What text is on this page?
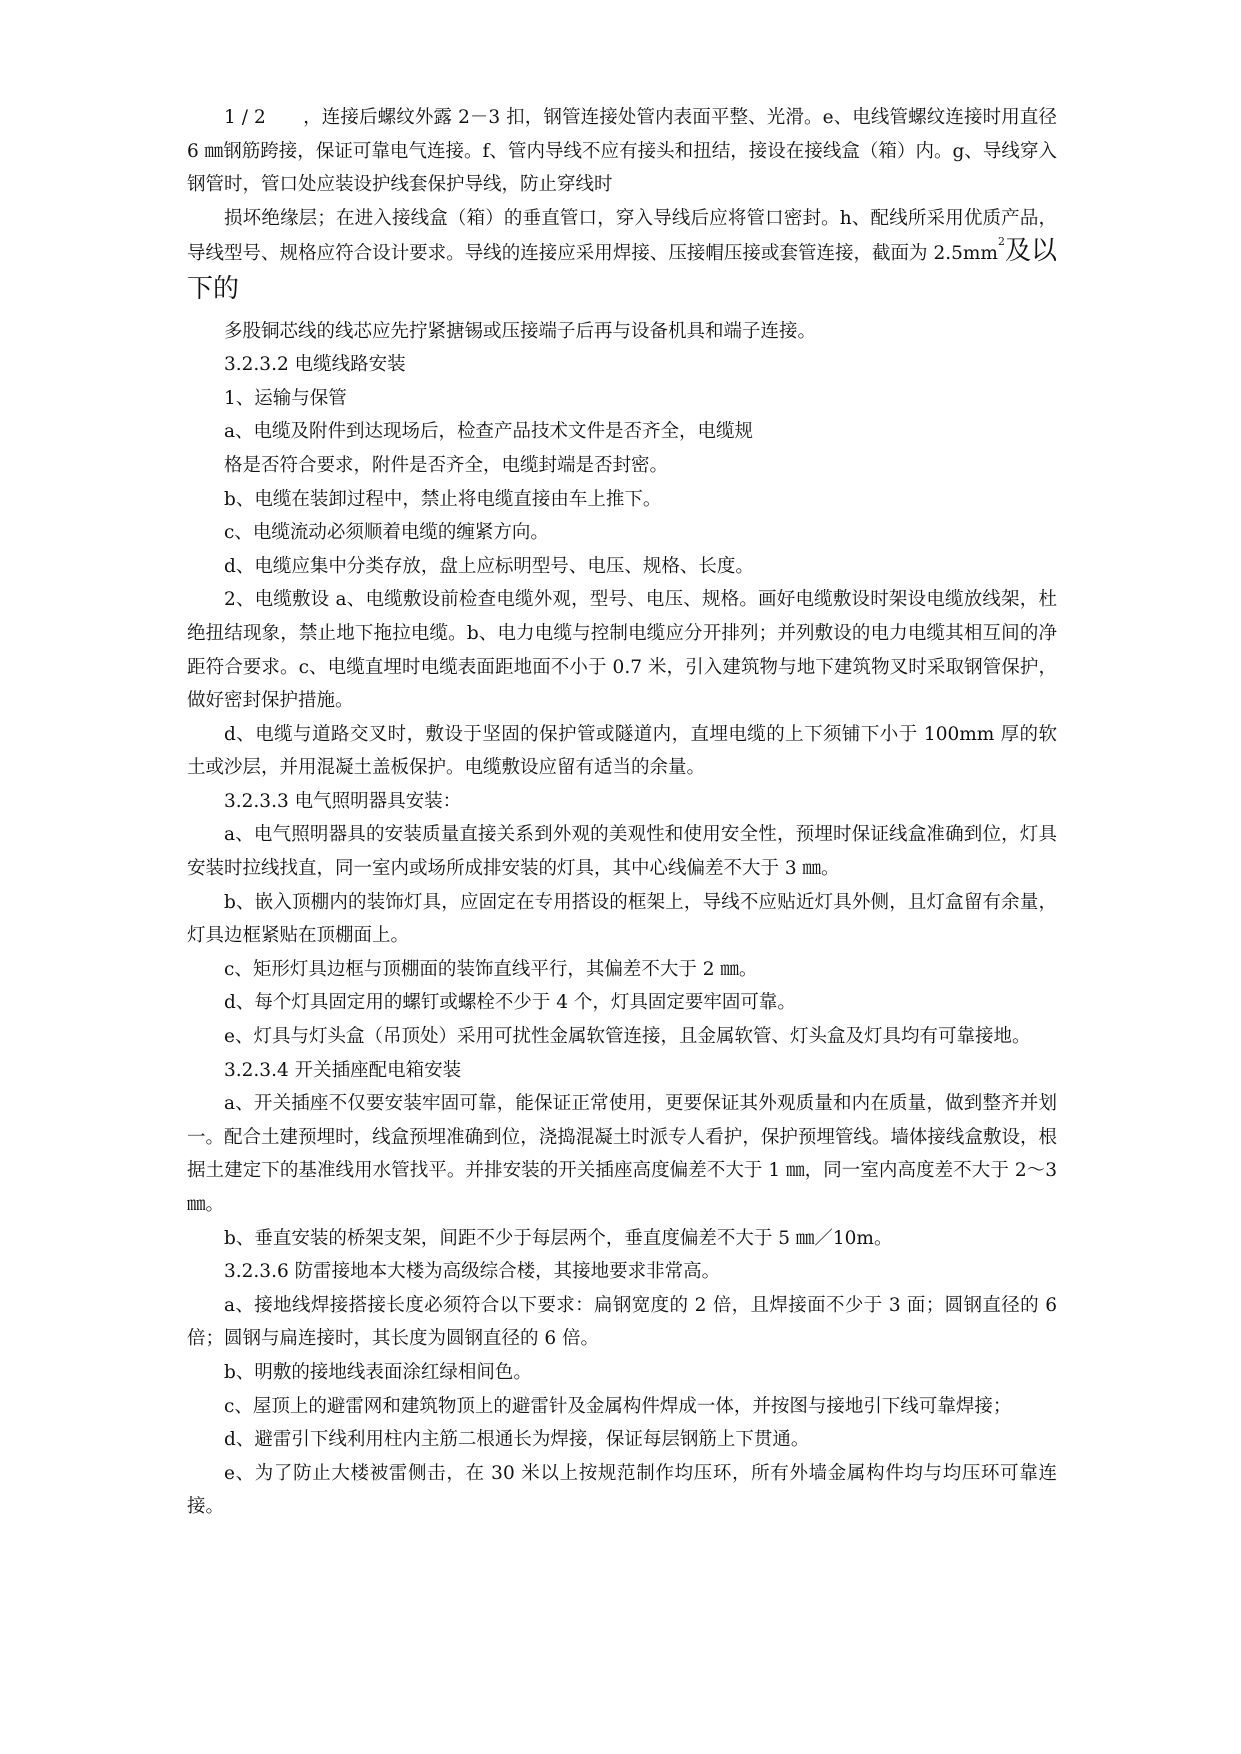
1 / 2　　，连接后螺纹外露 2－3 扣，钢管连接处管内表面平整、光滑。e、电线管螺纹连接时用直径 6 ㎜钢筋跨接，保证可靠电气连接。f、管内导线不应有接头和扭结，接设在接线盒（箱）内。g、导线穿入钢管时，管口处应装设护线套保护导线，防止穿线时

损坏绝缘层；在进入接线盒（箱）的垂直管口，穿入导线后应将管口密封。h、配线所采用优质产品，导线型号、规格应符合设计要求。导线的连接应采用焊接、压接帽压接或套管连接，截面为 $2.5mm^2$及以下的

多股铜芯线的线芯应先拧紧搪锡或压接端子后再与设备机具和端子连接。

3.2.3.2 电缆线路安装

1、运输与保管

a、电缆及附件到达现场后，检查产品技术文件是否齐全，电缆规

格是否符合要求，附件是否齐全，电缆封端是否封密。

b、电缆在装卸过程中，禁止将电缆直接由车上推下。

c、电缆流动必须顺着电缆的缠紧方向。

d、电缆应集中分类存放，盘上应标明型号、电压、规格、长度。

2、电缆敷设 a、电缆敷设前检查电缆外观，型号、电压、规格。画好电缆敷设时架设电缆放线架，杜绝扭结现象，禁止地下拖拉电缆。b、电力电缆与控制电缆应分开排列；并列敷设的电力电缆其相互间的净距符合要求。c、电缆直埋时电缆表面距地面不小于 0.7 米，引入建筑物与地下建筑物叉时采取钢管保护，做好密封保护措施。

d、电缆与道路交叉时，敷设于坚固的保护管或隧道内，直埋电缆的上下须铺下小于 100mm 厚的软土或沙层，并用混凝土盖板保护。电缆敷设应留有适当的余量。

3.2.3.3 电气照明器具安装：

a、电气照明器具的安装质量直接关系到外观的美观性和使用安全性，预埋时保证线盒准确到位，灯具安装时拉线找直，同一室内或场所成排安装的灯具，其中心线偏差不大于 3 ㎜。

b、嵌入顶棚内的装饰灯具，应固定在专用搭设的框架上，导线不应贴近灯具外侧，且灯盒留有余量，灯具边框紧贴在顶棚面上。

c、矩形灯具边框与顶棚面的装饰直线平行，其偏差不大于 2 ㎜。

d、每个灯具固定用的螺钉或螺栓不少于 4 个，灯具固定要牢固可靠。

e、灯具与灯头盒（吊顶处）采用可扰性金属软管连接，且金属软管、灯头盒及灯具均有可靠接地。

3.2.3.4 开关插座配电箱安装

a、开关插座不仅要安装牢固可靠，能保证正常使用，更要保证其外观质量和内在质量，做到整齐并划一。配合土建预埋时，线盒预埋准确到位，浇捣混凝土时派专人看护，保护预埋管线。墙体接线盒敷设，根据土建定下的基准线用水管找平。并排安装的开关插座高度偏差不大于 1 ㎜，同一室内高度差不大于 2～3 ㎜。

b、垂直安装的桥架支架，间距不少于每层两个，垂直度偏差不大于 5 ㎜／10m。

3.2.3.6 防雷接地本大楼为高级综合楼，其接地要求非常高。

a、接地线焊接搭接长度必须符合以下要求：扁钢宽度的 2 倍，且焊接面不少于 3 面；圆钢直径的 6 倍；圆钢与扁连接时，其长度为圆钢直径的 6 倍。

b、明敷的接地线表面涂红绿相间色。

c、屋顶上的避雷网和建筑物顶上的避雷针及金属构件焊成一体，并按图与接地引下线可靠焊接；

d、避雷引下线利用柱内主筋二根通长为焊接，保证每层钢筋上下贯通。

e、为了防止大楼被雷侧击，在 30 米以上按规范制作均压环，所有外墙金属构件均与均压环可靠连接。
